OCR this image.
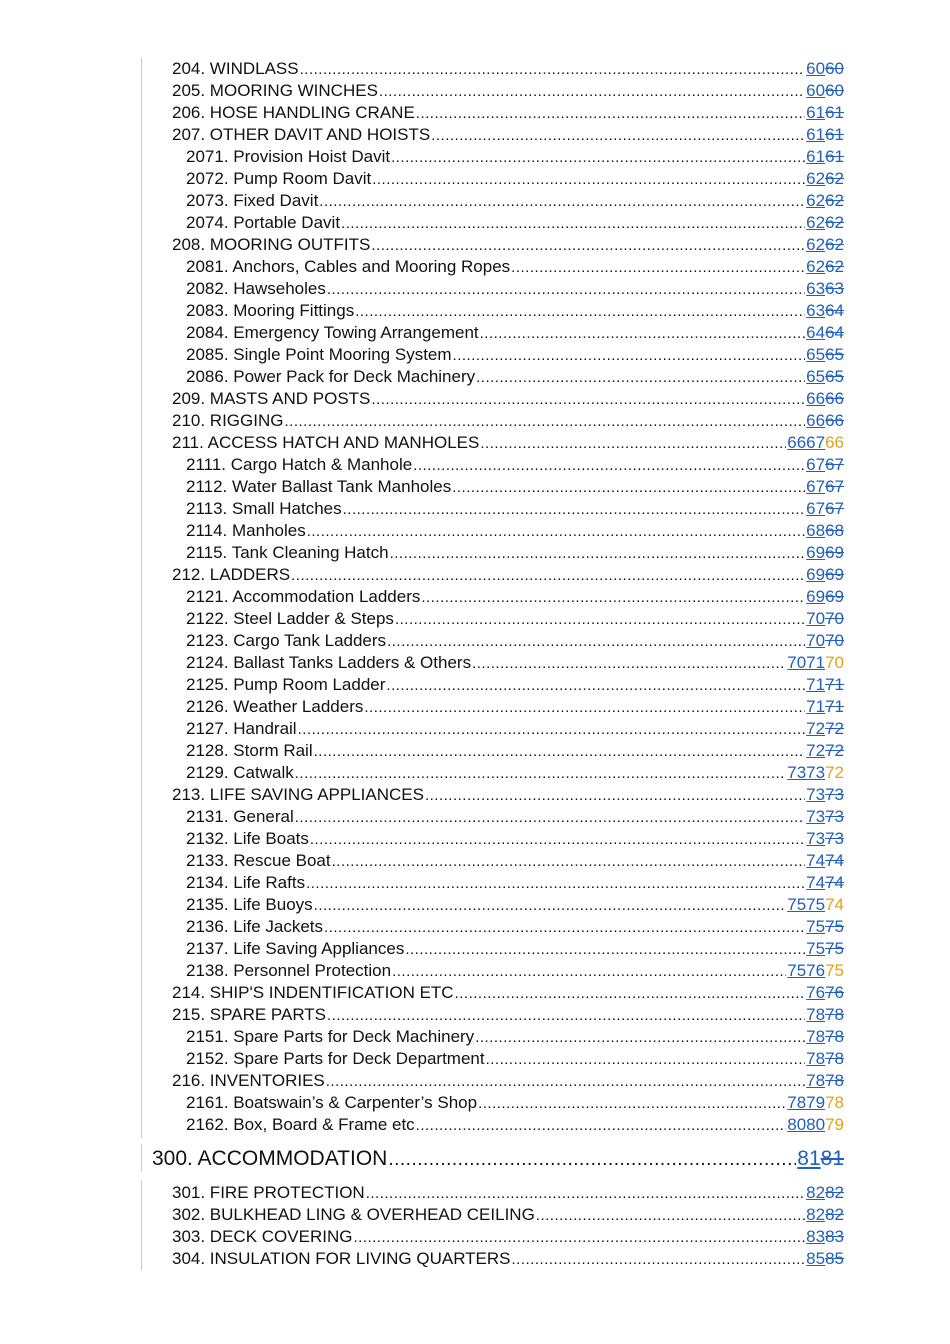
204. WINDLASS .....	6060
205. MOORING WINCHES .....	6060
206. HOSE HANDLING CRANE .....	6161
207. OTHER DAVIT AND HOISTS .....	6161
2071. Provision Hoist Davit .....	6161
2072. Pump Room Davit .....	6262
2073. Fixed Davit .....	6262
2074. Portable Davit .....	6262
208. MOORING OUTFITS .....	6262
2081. Anchors, Cables and Mooring Ropes .....	6262
2082. Hawseholes .....	6363
2083. Mooring Fittings .....	6364
2084. Emergency Towing Arrangement .....	6464
2085. Single Point Mooring System .....	6565
2086. Power Pack for Deck Machinery .....	6565
209. MASTS AND POSTS .....	6666
210. RIGGING .....	6666
211. ACCESS HATCH AND MANHOLES .....	666766
2111. Cargo Hatch & Manhole .....	6767
2112. Water Ballast Tank Manholes .....	6767
2113. Small Hatches .....	6767
2114. Manholes .....	6868
2115. Tank Cleaning Hatch .....	6969
212. LADDERS .....	6969
2121. Accommodation Ladders .....	6969
2122. Steel Ladder & Steps .....	7070
2123. Cargo Tank Ladders .....	7070
2124. Ballast Tanks Ladders & Others .....	707170
2125. Pump Room Ladder .....	7171
2126. Weather Ladders .....	7171
2127. Handrail .....	7272
2128. Storm Rail .....	7272
2129. Catwalk .....	737372
213. LIFE SAVING APPLIANCES .....	7373
2131. General .....	7373
2132. Life Boats .....	7373
2133. Rescue Boat .....	7474
2134. Life Rafts .....	7474
2135. Life Buoys .....	757574
2136. Life Jackets .....	7575
2137. Life Saving Appliances .....	7575
2138. Personnel Protection .....	757675
214. SHIP'S INDENTIFICATION ETC .....	7676
215. SPARE PARTS .....	7878
2151. Spare Parts for Deck Machinery .....	7878
2152. Spare Parts for Deck Department .....	7878
216. INVENTORIES .....	7878
2161. Boatswain’s & Carpenter’s Shop .....	787978
2162. Box, Board & Frame etc .....	808079
300. ACCOMMODATION .....	8181
301. FIRE PROTECTION .....	8282
302. BULKHEAD LING & OVERHEAD CEILING .....	8282
303. DECK COVERING .....	8383
304. INSULATION FOR LIVING QUARTERS .....	8585
